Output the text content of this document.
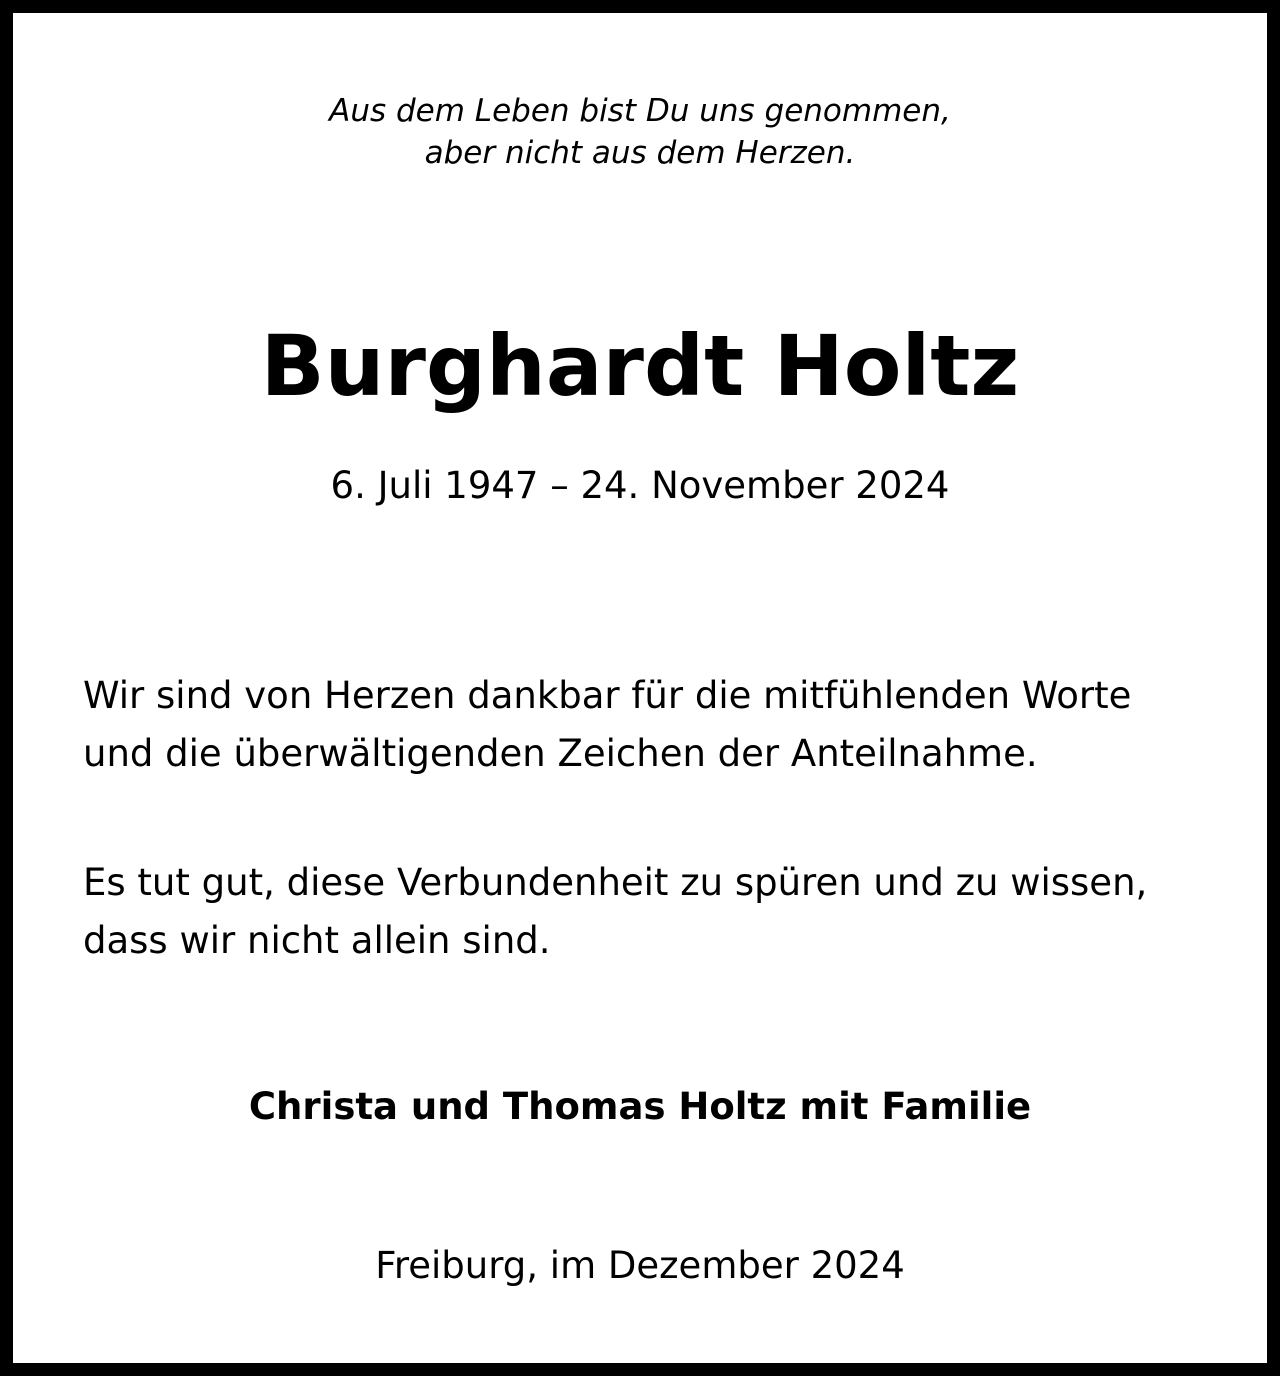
Aus dem Leben bist Du uns genommen,
aber nicht aus dem Herzen.
Burghardt Holtz
6. Juli 1947 – 24. November 2024
Wir sind von Herzen dankbar für die mitfühlenden Worte
und die überwältigenden Zeichen der Anteilnahme.
Es tut gut, diese Verbundenheit zu spüren und zu wissen,
dass wir nicht allein sind.
Christa und Thomas Holtz mit Familie
Freiburg, im Dezember 2024
